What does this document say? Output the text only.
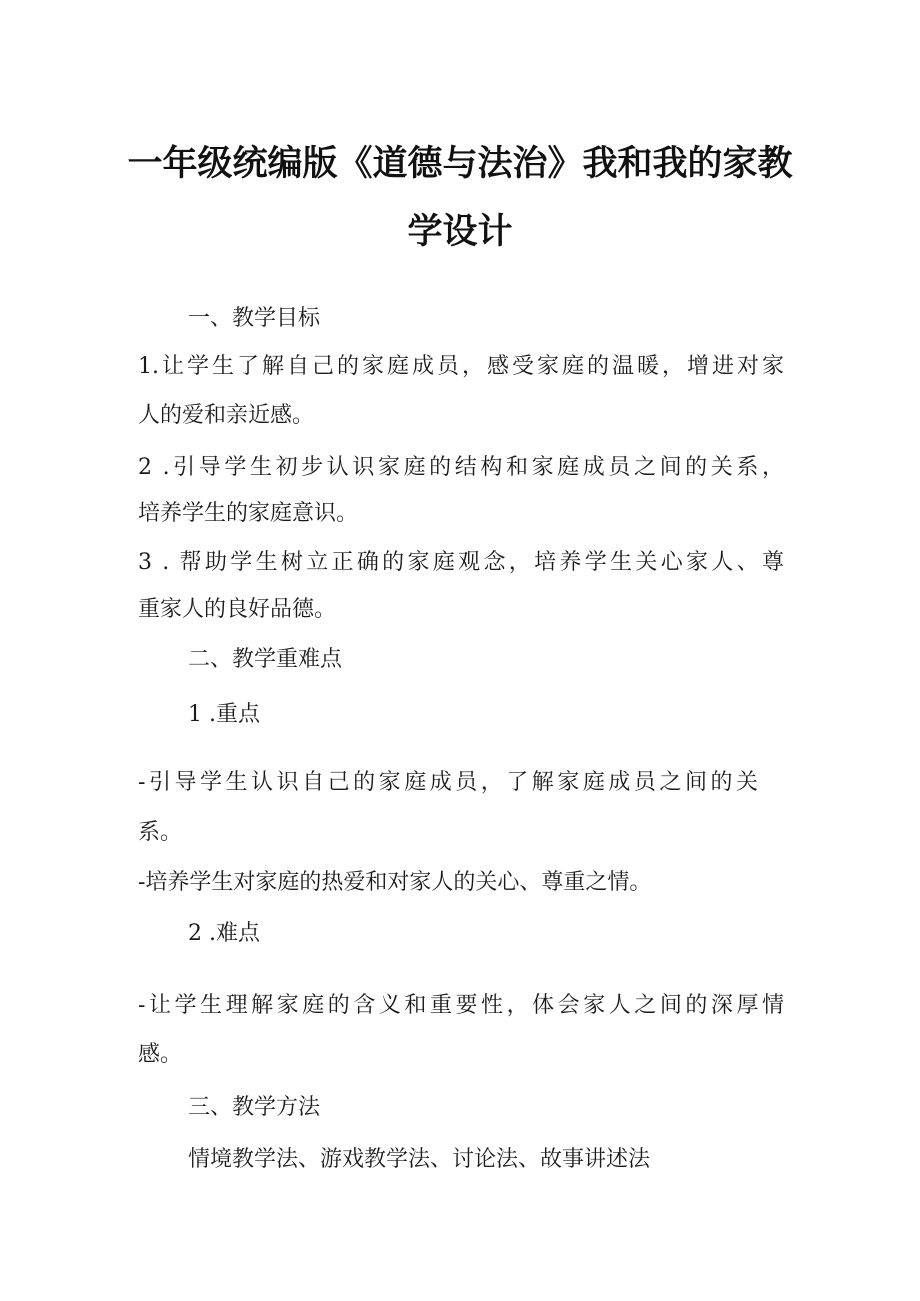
一年级统编版《道德与法治》我和我的家教
学设计
一、教学目标
1.让学生了解自己的家庭成员，感受家庭的温暖，增进对家
人的爱和亲近感。
2 .引导学生初步认识家庭的结构和家庭成员之间的关系，
培养学生的家庭意识。
3 . 帮助学生树立正确的家庭观念，培养学生关心家人、尊
重家人的良好品德。
二、教学重难点
1 .重点
-引导学生认识自己的家庭成员，了解家庭成员之间的关
系。
-培养学生对家庭的热爱和对家人的关心、尊重之情。
2 .难点
-让学生理解家庭的含义和重要性，体会家人之间的深厚情
感。
三、教学方法
情境教学法、游戏教学法、讨论法、故事讲述法
